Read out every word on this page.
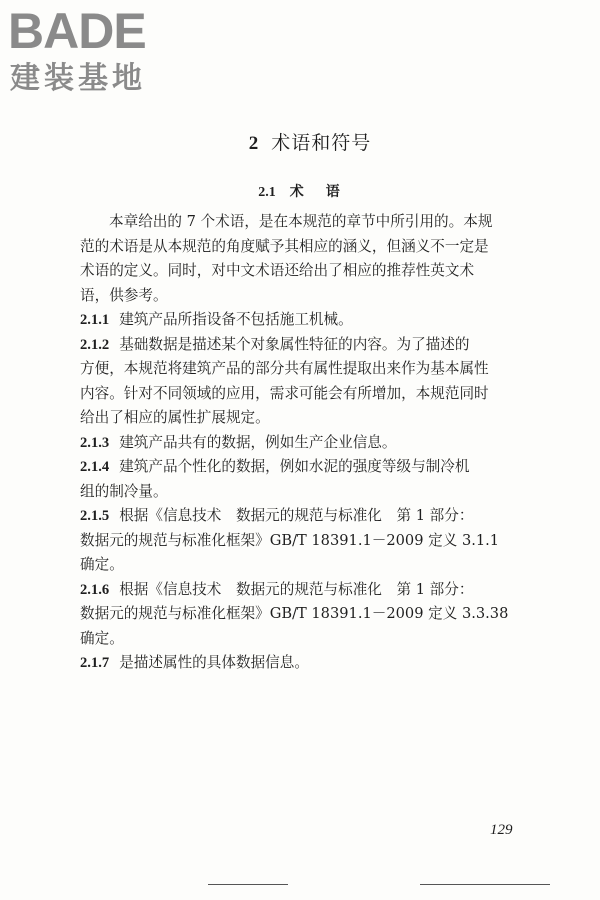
BADE
建装基地
2 术语和符号
2.1 术语

本章给出的 7 个术语，是在本规范的章节中所引用的。本规
范的术语是从本规范的角度赋予其相应的涵义，但涵义不一定是
术语的定义。同时，对中文术语还给出了相应的推荐性英文术
语，供参考。

2.1.1 建筑产品所指设备不包括施工机械。

2.1.2 基础数据是描述某个对象属性特征的内容。为了描述的
方便，本规范将建筑产品的部分共有属性提取出来作为基本属性
内容。针对不同领域的应用，需求可能会有所增加，本规范同时
给出了相应的属性扩展规定。

2.1.3 建筑产品共有的数据，例如生产企业信息。

2.1.4 建筑产品个性化的数据，例如水泥的强度等级与制冷机
组的制冷量。

2.1.5 根据《信息技术　数据元的规范与标准化　第 1 部分：
数据元的规范与标准化框架》GB/T 18391.1－2009 定义 3.1.1
确定。

2.1.6 根据《信息技术　数据元的规范与标准化　第 1 部分：
数据元的规范与标准化框架》GB/T 18391.1－2009 定义 3.3.38
确定。

2.1.7 是描述属性的具体数据信息。

129
